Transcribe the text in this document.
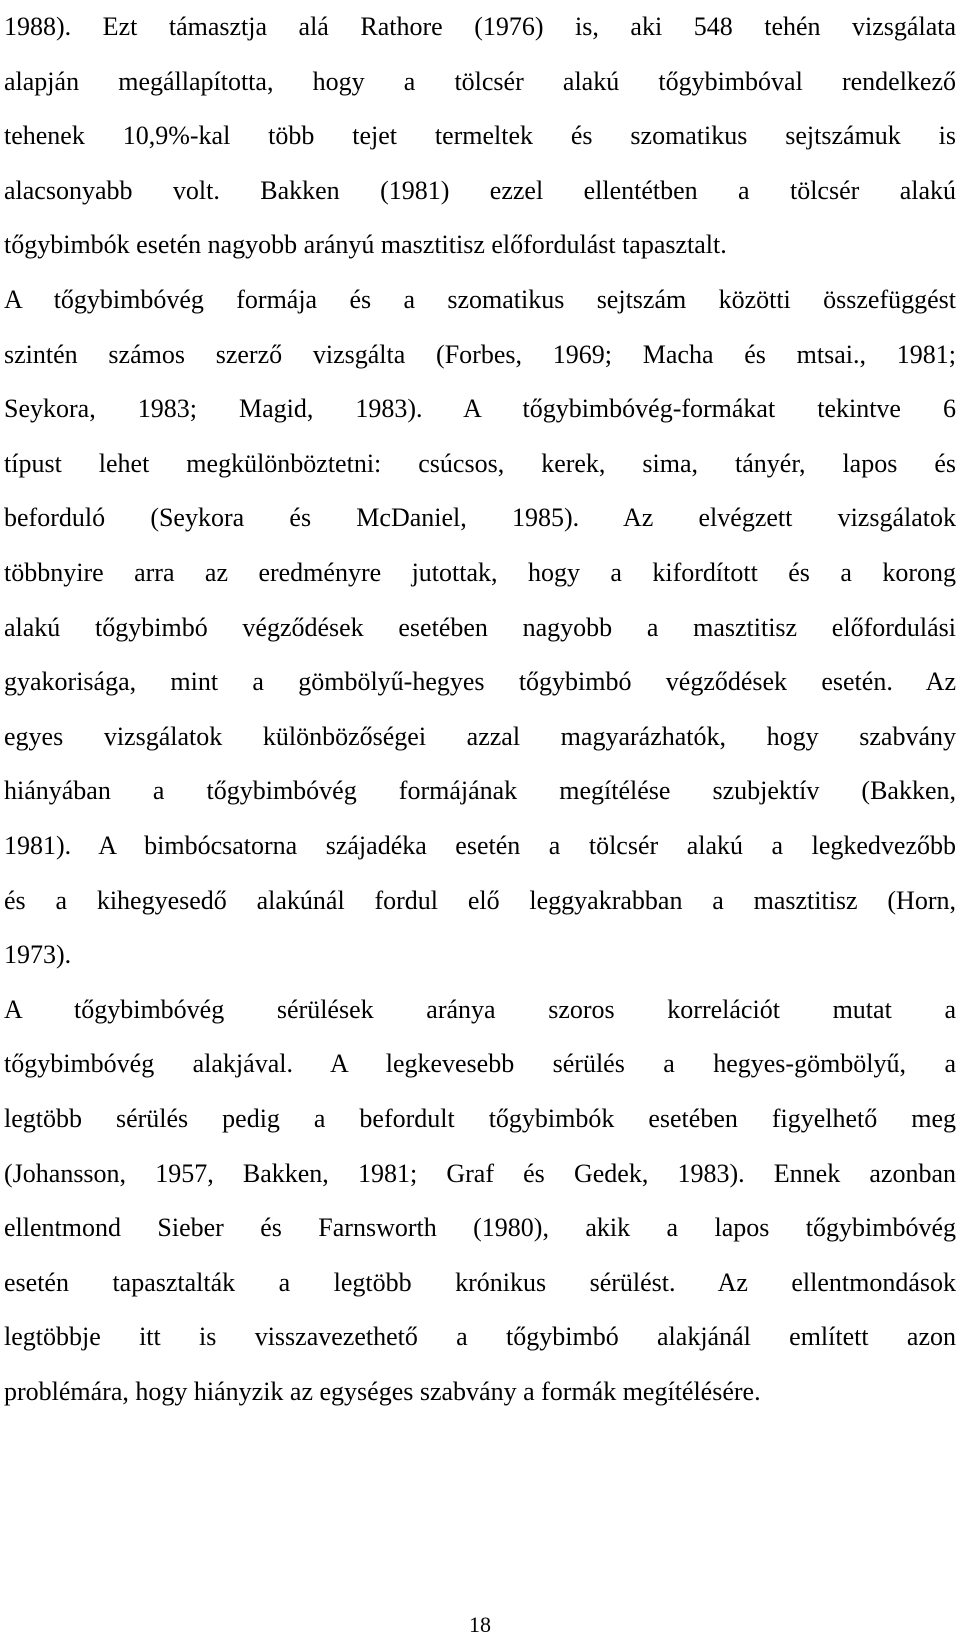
1988). Ezt támasztja alá Rathore (1976) is, aki 548 tehén vizsgálata
alapján megállapította, hogy a tölcsér alakú tőgybimbóval rendelkező
tehenek 10,9%-kal több tejet termeltek és szomatikus sejtszámuk is
alacsonyabb volt. Bakken (1981) ezzel ellentétben a tölcsér alakú
tőgybimbók esetén nagyobb arányú masztitisz előfordulást tapasztalt.
A tőgybimbóvég formája és a szomatikus sejtszám közötti összefüggést
szintén számos szerző vizsgálta (Forbes, 1969; Macha és mtsai., 1981;
Seykora, 1983; Magid, 1983). A tőgybimbóvég-formákat tekintve 6
típust lehet megkülönböztetni: csúcsos, kerek, sima, tányér, lapos és
beforduló (Seykora és McDaniel, 1985). Az elvégzett vizsgálatok
többnyire arra az eredményre jutottak, hogy a kifordított és a korong
alakú tőgybimbó végződések esetében nagyobb a masztitisz előfordulási
gyakorisága, mint a gömbölyű-hegyes tőgybimbó végződések esetén. Az
egyes vizsgálatok különbözőségei azzal magyarázhatók, hogy szabvány
hiányában a tőgybimbóvég formájának megítélése szubjektív (Bakken,
1981). A bimbócsatorna szájadéka esetén a tölcsér alakú a legkedvezőbb
és a kihegyesedő alakúnál fordul elő leggyakrabban a masztitisz (Horn,
1973).
A tőgybimbóvég sérülések aránya szoros korrelációt mutat a
tőgybimbóvég alakjával. A legkevesebb sérülés a hegyes-gömbölyű, a
legtöbb sérülés pedig a befordult tőgybimbók esetében figyelhető meg
(Johansson, 1957, Bakken, 1981; Graf és Gedek, 1983). Ennek azonban
ellentmond Sieber és Farnsworth (1980), akik a lapos tőgybimbóvég
esetén tapasztalták a legtöbb krónikus sérülést. Az ellentmondások
legtöbbje itt is visszavezethető a tőgybimbó alakjánál említett azon
problémára, hogy hiányzik az egységes szabvány a formák megítélésére.
18
